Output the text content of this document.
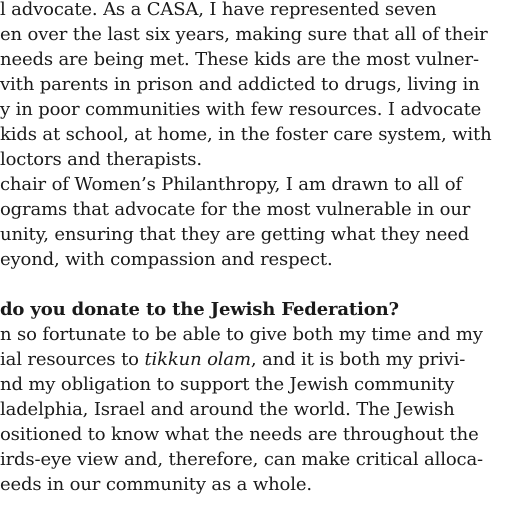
l advocate. As a CASA, I have represented seven
en over the last six years, making sure that all of their
needs are being met. These kids are the most vulner-
vith parents in prison and addicted to drugs, living in
y in poor communities with few resources. I advocate
kids at school, at home, in the foster care system, with
loctors and therapists.
chair of Women’s Philanthropy, I am drawn to all of
ograms that advocate for the most vulnerable in our
unity, ensuring that they are getting what they need
eyond, with compassion and respect.
do you donate to the Jewish Federation?
n so fortunate to be able to give both my time and my
ial resources to tikkun olam, and it is both my privi-
nd my obligation to support the Jewish community
ladelphia, Israel and around the world. The Jewish
ositioned to know what the needs are throughout the
irds-eye view and, therefore, can make critical alloca-
eeds in our community as a whole.
